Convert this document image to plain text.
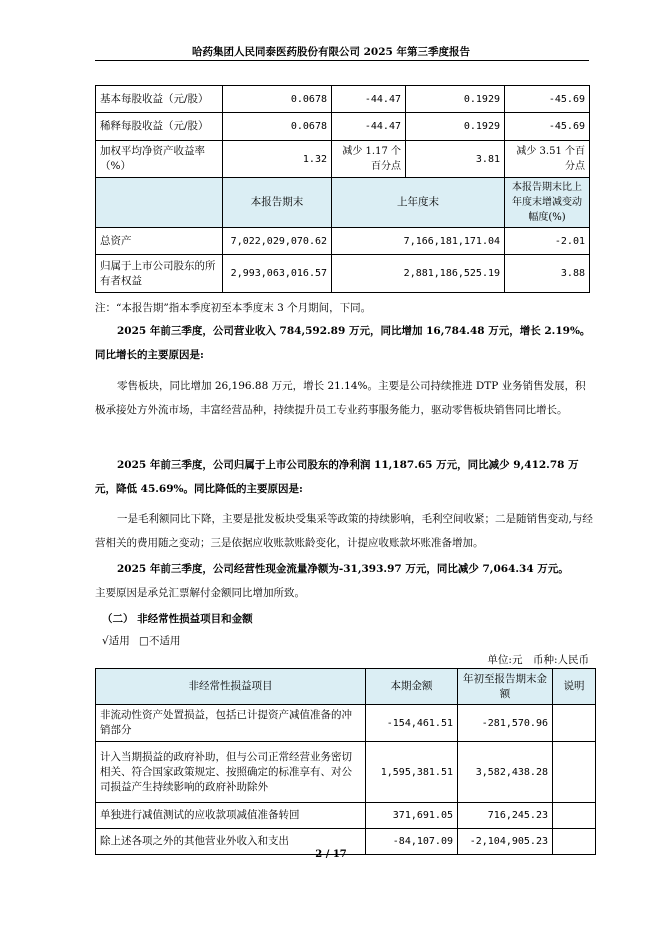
哈药集团人民同泰医药股份有限公司 2025 年第三季度报告
基本每股收益（元/股）	0.0678	-44.47	0.1929	-45.69
稀释每股收益（元/股）	0.0678	-44.47	0.1929	-45.69
加权平均净资产收益率（%）	1.32	减少 1.17 个百分点	3.81	减少 3.51 个百分点
	本报告期末	上年度末		本报告期末比上年度末增减变动幅度(%)
总资产	7,022,029,070.62	7,166,181,171.04		-2.01
归属于上市公司股东的所有者权益	2,993,063,016.57	2,881,186,525.19		3.88
注：“本报告期”指本季度初至本季度末 3 个月期间，下同。
2025 年前三季度，公司营业收入 784,592.89 万元，同比增加 16,784.48 万元，增长 2.19%。同比增长的主要原因是:
零售板块，同比增加 26,196.88 万元，增长 21.14%。主要是公司持续推进 DTP 业务销售发展，积极承接处方外流市场，丰富经营品种，持续提升员工专业药事服务能力，驱动零售板块销售同比增长。
2025 年前三季度，公司归属于上市公司股东的净利润 11,187.65 万元，同比减少 9,412.78 万元，降低 45.69%。同比降低的主要原因是:
一是毛利额同比下降，主要是批发板块受集采等政策的持续影响，毛利空间收紧；二是随销售变动,与经营相关的费用随之变动；三是依据应收账款账龄变化，计提应收账款坏账准备增加。
2025 年前三季度，公司经营性现金流量净额为-31,393.97 万元，同比减少 7,064.34 万元。
主要原因是承兑汇票解付金额同比增加所致。
（二） 非经常性损益项目和金额
√适用 □不适用
单位:元　币种:人民币
非经常性损益项目	本期金额	年初至报告期末金额	说明
非流动性资产处置损益，包括已计提资产减值准备的冲销部分	-154,461.51	-281,570.96	
计入当期损益的政府补助，但与公司正常经营业务密切相关、符合国家政策规定、按照确定的标准享有、对公司损益产生持续影响的政府补助除外	1,595,381.51	3,582,438.28	
单独进行减值测试的应收款项减值准备转回	371,691.05	716,245.23	
除上述各项之外的其他营业外收入和支出	-84,107.09	-2,104,905.23	
2 / 17
